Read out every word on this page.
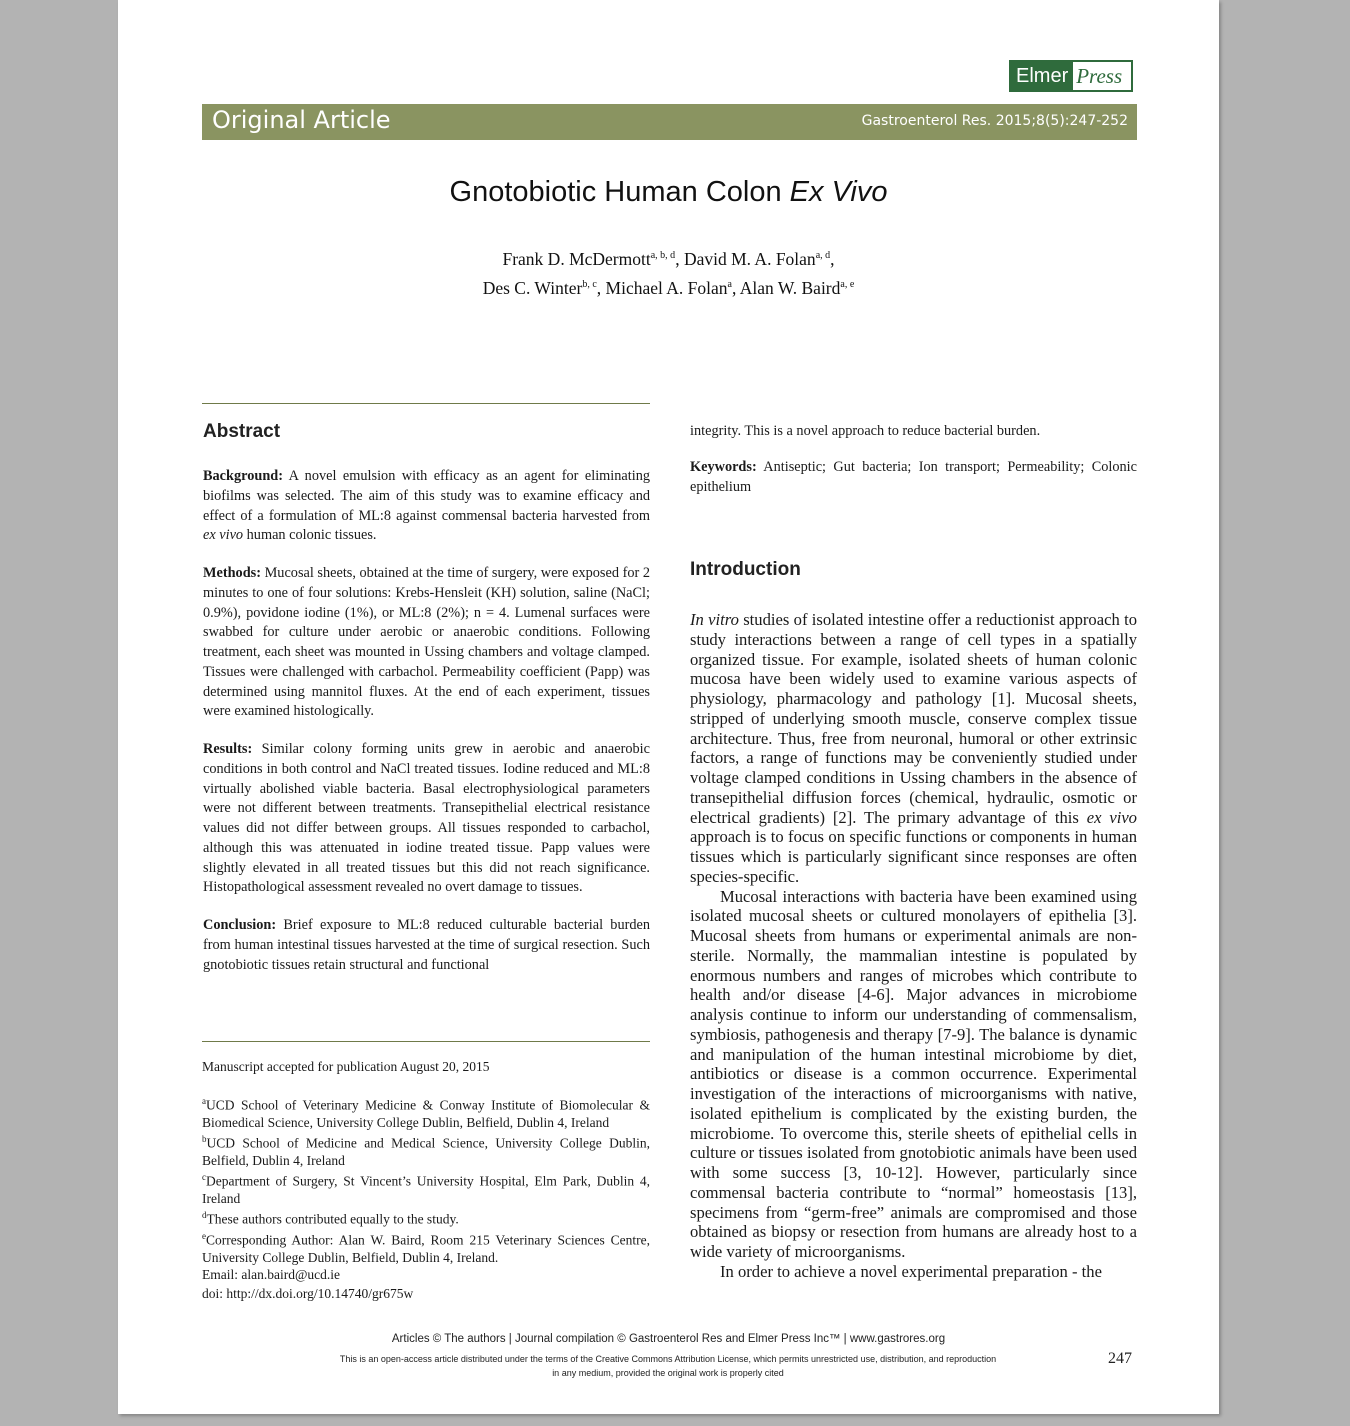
Elmer Press
Original Article	Gastroenterol Res. 2015;8(5):247-252
Gnotobiotic Human Colon Ex Vivo
Frank D. McDermott$^{a, b, d}$, David M. A. Folan$^{a, d}$,
Des C. Winter$^{b, c}$, Michael A. Folan$^a$, Alan W. Baird$^{a, e}$
Abstract

Background: A novel emulsion with efficacy as an agent for eliminating biofilms was selected. The aim of this study was to examine efficacy and effect of a formulation of ML:8 against commensal bacteria harvested from ex vivo human colonic tissues.

Methods: Mucosal sheets, obtained at the time of surgery, were exposed for 2 minutes to one of four solutions: Krebs-Hensleit (KH) solution, saline (NaCl; 0.9%), povidone iodine (1%), or ML:8 (2%); n = 4. Lumenal surfaces were swabbed for culture under aerobic or anaerobic conditions. Following treatment, each sheet was mounted in Ussing chambers and voltage clamped. Tissues were challenged with carbachol. Permeability coefficient (Papp) was determined using mannitol fluxes. At the end of each experiment, tissues were examined histologically.

Results: Similar colony forming units grew in aerobic and anaerobic conditions in both control and NaCl treated tissues. Iodine reduced and ML:8 virtually abolished viable bacteria. Basal electrophysiological parameters were not different between treatments. Transepithelial electrical resistance values did not differ between groups. All tissues responded to carbachol, although this was attenuated in iodine treated tissue. Papp values were slightly elevated in all treated tissues but this did not reach significance. Histopathological assessment revealed no overt damage to tissues.

Conclusion: Brief exposure to ML:8 reduced culturable bacterial burden from human intestinal tissues harvested at the time of surgical resection. Such gnotobiotic tissues retain structural and functional

Manuscript accepted for publication August 20, 2015

$^a$UCD School of Veterinary Medicine & Conway Institute of Biomolecular & Biomedical Science, University College Dublin, Belfield, Dublin 4, Ireland

$^b$UCD School of Medicine and Medical Science, University College Dublin, Belfield, Dublin 4, Ireland

$^c$Department of Surgery, St Vincent’s University Hospital, Elm Park, Dublin 4, Ireland

$^d$These authors contributed equally to the study.

$^e$Corresponding Author: Alan W. Baird, Room 215 Veterinary Sciences Centre, University College Dublin, Belfield, Dublin 4, Ireland.

Email: alan.baird@ucd.ie

doi: http://dx.doi.org/10.14740/gr675w

integrity. This is a novel approach to reduce bacterial burden.

Keywords: Antiseptic; Gut bacteria; Ion transport; Permeability; Colonic epithelium

Introduction

In vitro studies of isolated intestine offer a reductionist approach to study interactions between a range of cell types in a spatially organized tissue. For example, isolated sheets of human colonic mucosa have been widely used to examine various aspects of physiology, pharmacology and pathology [1]. Mucosal sheets, stripped of underlying smooth muscle, conserve complex tissue architecture. Thus, free from neuronal, humoral or other extrinsic factors, a range of functions may be conveniently studied under voltage clamped conditions in Ussing chambers in the absence of transepithelial diffusion forces (chemical, hydraulic, osmotic or electrical gradients) [2]. The primary advantage of this ex vivo approach is to focus on specific functions or components in human tissues which is particularly significant since responses are often species-specific.

Mucosal interactions with bacteria have been examined using isolated mucosal sheets or cultured monolayers of epithelia [3]. Mucosal sheets from humans or experimental animals are non-sterile. Normally, the mammalian intestine is populated by enormous numbers and ranges of microbes which contribute to health and/or disease [4-6]. Major advances in microbiome analysis continue to inform our understanding of commensalism, symbiosis, pathogenesis and therapy [7-9]. The balance is dynamic and manipulation of the human intestinal microbiome by diet, antibiotics or disease is a common occurrence. Experimental investigation of the interactions of microorganisms with native, isolated epithelium is complicated by the existing burden, the microbiome. To overcome this, sterile sheets of epithelial cells in culture or tissues isolated from gnotobiotic animals have been used with some success [3, 10-12]. However, particularly since commensal bacteria contribute to “normal” homeostasis [13], specimens from “germ-free” animals are compromised and those obtained as biopsy or resection from humans are already host to a wide variety of microorganisms.

In order to achieve a novel experimental preparation - the

Articles © The authors | Journal compilation © Gastroenterol Res and Elmer Press Inc™ | www.gastrores.org
This is an open-access article distributed under the terms of the Creative Commons Attribution License, which permits unrestricted use, distribution, and reproduction
in any medium, provided the original work is properly cited
247
